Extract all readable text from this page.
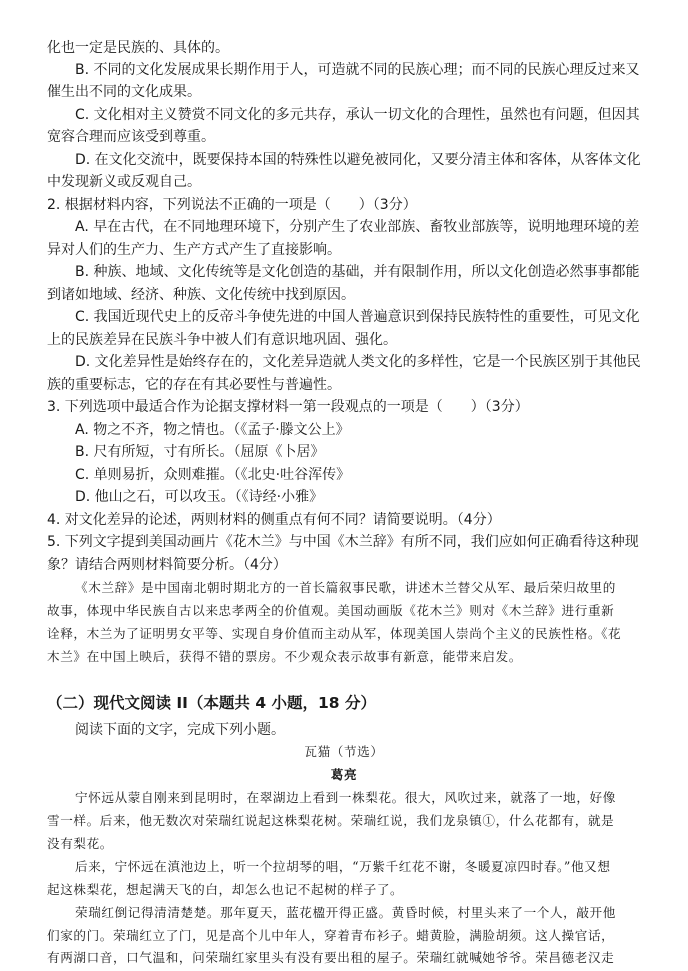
化也一定是民族的、具体的。
B. 不同的文化发展成果长期作用于人，可造就不同的民族心理；而不同的民族心理反过来又
催生出不同的文化成果。
C. 文化相对主义赞赏不同文化的多元共存，承认一切文化的合理性，虽然也有问题，但因其
宽容合理而应该受到尊重。
D. 在文化交流中，既要保持本国的特殊性以避免被同化，又要分清主体和客体，从客体文化
中发现新义或反观自己。
2. 根据材料内容，下列说法不正确的一项是（　　）（3分）
A. 早在古代，在不同地理环境下，分别产生了农业部族、畜牧业部族等，说明地理环境的差
异对人们的生产力、生产方式产生了直接影响。
B. 种族、地域、文化传统等是文化创造的基础，并有限制作用，所以文化创造必然事事都能
到诸如地域、经济、种族、文化传统中找到原因。
C. 我国近现代史上的反帝斗争使先进的中国人普遍意识到保持民族特性的重要性，可见文化
上的民族差异在民族斗争中被人们有意识地巩固、强化。
D. 文化差异性是始终存在的，文化差异造就人类文化的多样性，它是一个民族区别于其他民
族的重要标志，它的存在有其必要性与普遍性。
3. 下列选项中最适合作为论据支撑材料一第一段观点的一项是（　　）（3分）
A. 物之不齐，物之情也。（《孟子·滕文公上》
B. 尺有所短，寸有所长。（屈原《卜居》
C. 单则易折，众则难摧。（《北史·吐谷浑传》
D. 他山之石，可以攻玉。（《诗经·小雅》
4. 对文化差异的论述，两则材料的侧重点有何不同？请简要说明。（4分）
5. 下列文字提到美国动画片《花木兰》与中国《木兰辞》有所不同，我们应如何正确看待这种现
象？请结合两则材料简要分析。（4分）
《木兰辞》是中国南北朝时期北方的一首长篇叙事民歌，讲述木兰替父从军、最后荣归故里的
故事，体现中华民族自古以来忠孝两全的价值观。美国动画版《花木兰》则对《木兰辞》进行重新
诠释，木兰为了证明男女平等、实现自身价值而主动从军，体现美国人崇尚个主义的民族性格。《花
木兰》在中国上映后，获得不错的票房。不少观众表示故事有新意，能带来启发。
（二）现代文阅读 II（本题共 4 小题，18 分）
阅读下面的文字，完成下列小题。
瓦猫（节选）
葛亮
宁怀远从蒙自刚来到昆明时，在翠湖边上看到一株梨花。很大，风吹过来，就落了一地，好像
雪一样。后来，他无数次对荣瑞红说起这株梨花树。荣瑞红说，我们龙泉镇①，什么花都有，就是
没有梨花。
后来，宁怀远在滇池边上，听一个拉胡琴的唱，“万紫千红花不谢，冬暖夏凉四时春。”他又想
起这株梨花，想起满天飞的白，却怎么也记不起树的样子了。
荣瑞红倒记得清清楚楚。那年夏天，蓝花楹开得正盛。黄昏时候，村里头来了一个人，敲开他
们家的门。荣瑞红立了门，见是高个儿中年人，穿着青布衫子。蜡黄脸，满脸胡须。这人操官话，
有两湖口音，口气温和，问荣瑞红家里头有没有要出租的屋子。荣瑞红就喊她爷爷。荣昌德老汉走
